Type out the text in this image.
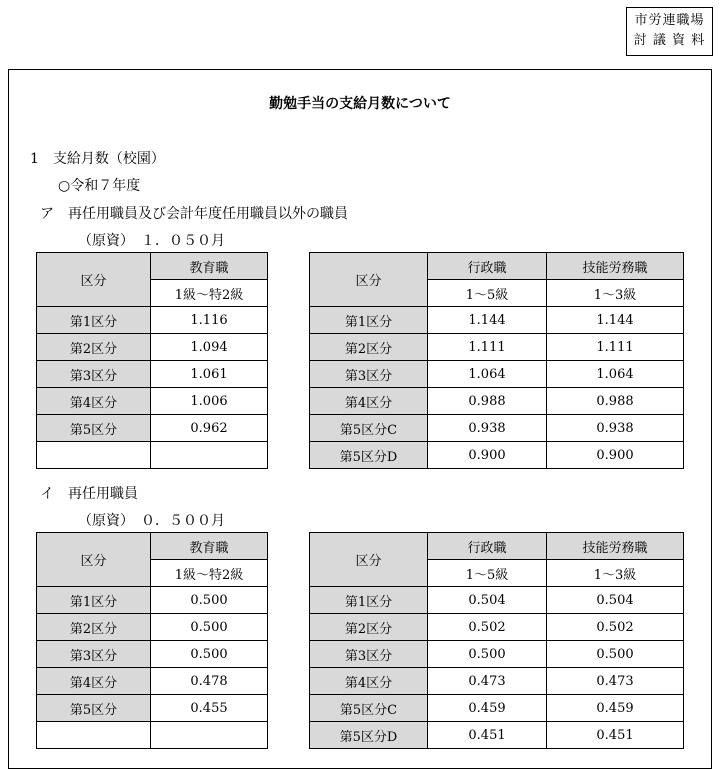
市労連職場
討 議 資 料
勤勉手当の支給月数について
1　支給月数（校園）
○令和７年度
ア　再任用職員及び会計年度任用職員以外の職員
（原資）　１．０５０月
区分	教育職		区分	行政職	技能労務職
	1級～特2級			1～5級	1～3級
第1区分	1.116		第1区分	1.144	1.144
第2区分	1.094		第2区分	1.111	1.111
第3区分	1.061		第3区分	1.064	1.064
第4区分	1.006		第4区分	0.988	0.988
第5区分	0.962		第5区分C	0.938	0.938
			第5区分D	0.900	0.900
イ　再任用職員
（原資）　０．５００月
区分	教育職		区分	行政職	技能労務職
	1級～特2級			1～5級	1～3級
第1区分	0.500		第1区分	0.504	0.504
第2区分	0.500		第2区分	0.502	0.502
第3区分	0.500		第3区分	0.500	0.500
第4区分	0.478		第4区分	0.473	0.473
第5区分	0.455		第5区分C	0.459	0.459
			第5区分D	0.451	0.451
